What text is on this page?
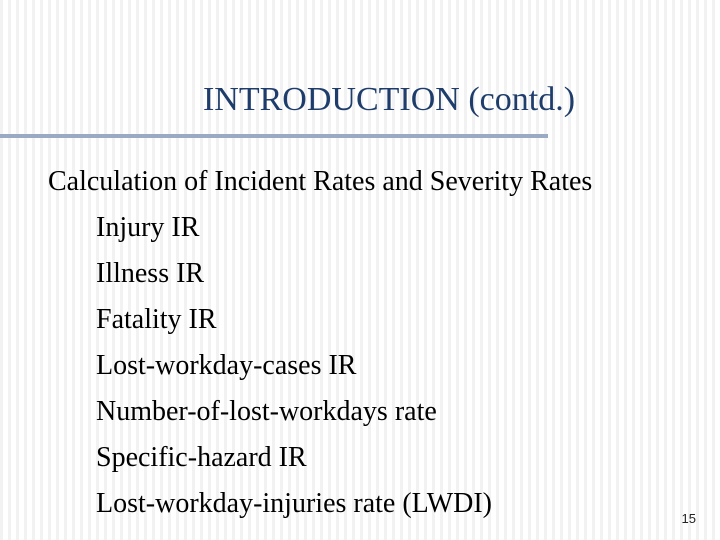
INTRODUCTION (contd.)
Calculation of Incident Rates and Severity Rates
Injury IR
Illness IR
Fatality IR
Lost-workday-cases IR
Number-of-lost-workdays rate
Specific-hazard IR
Lost-workday-injuries rate (LWDI)	15
